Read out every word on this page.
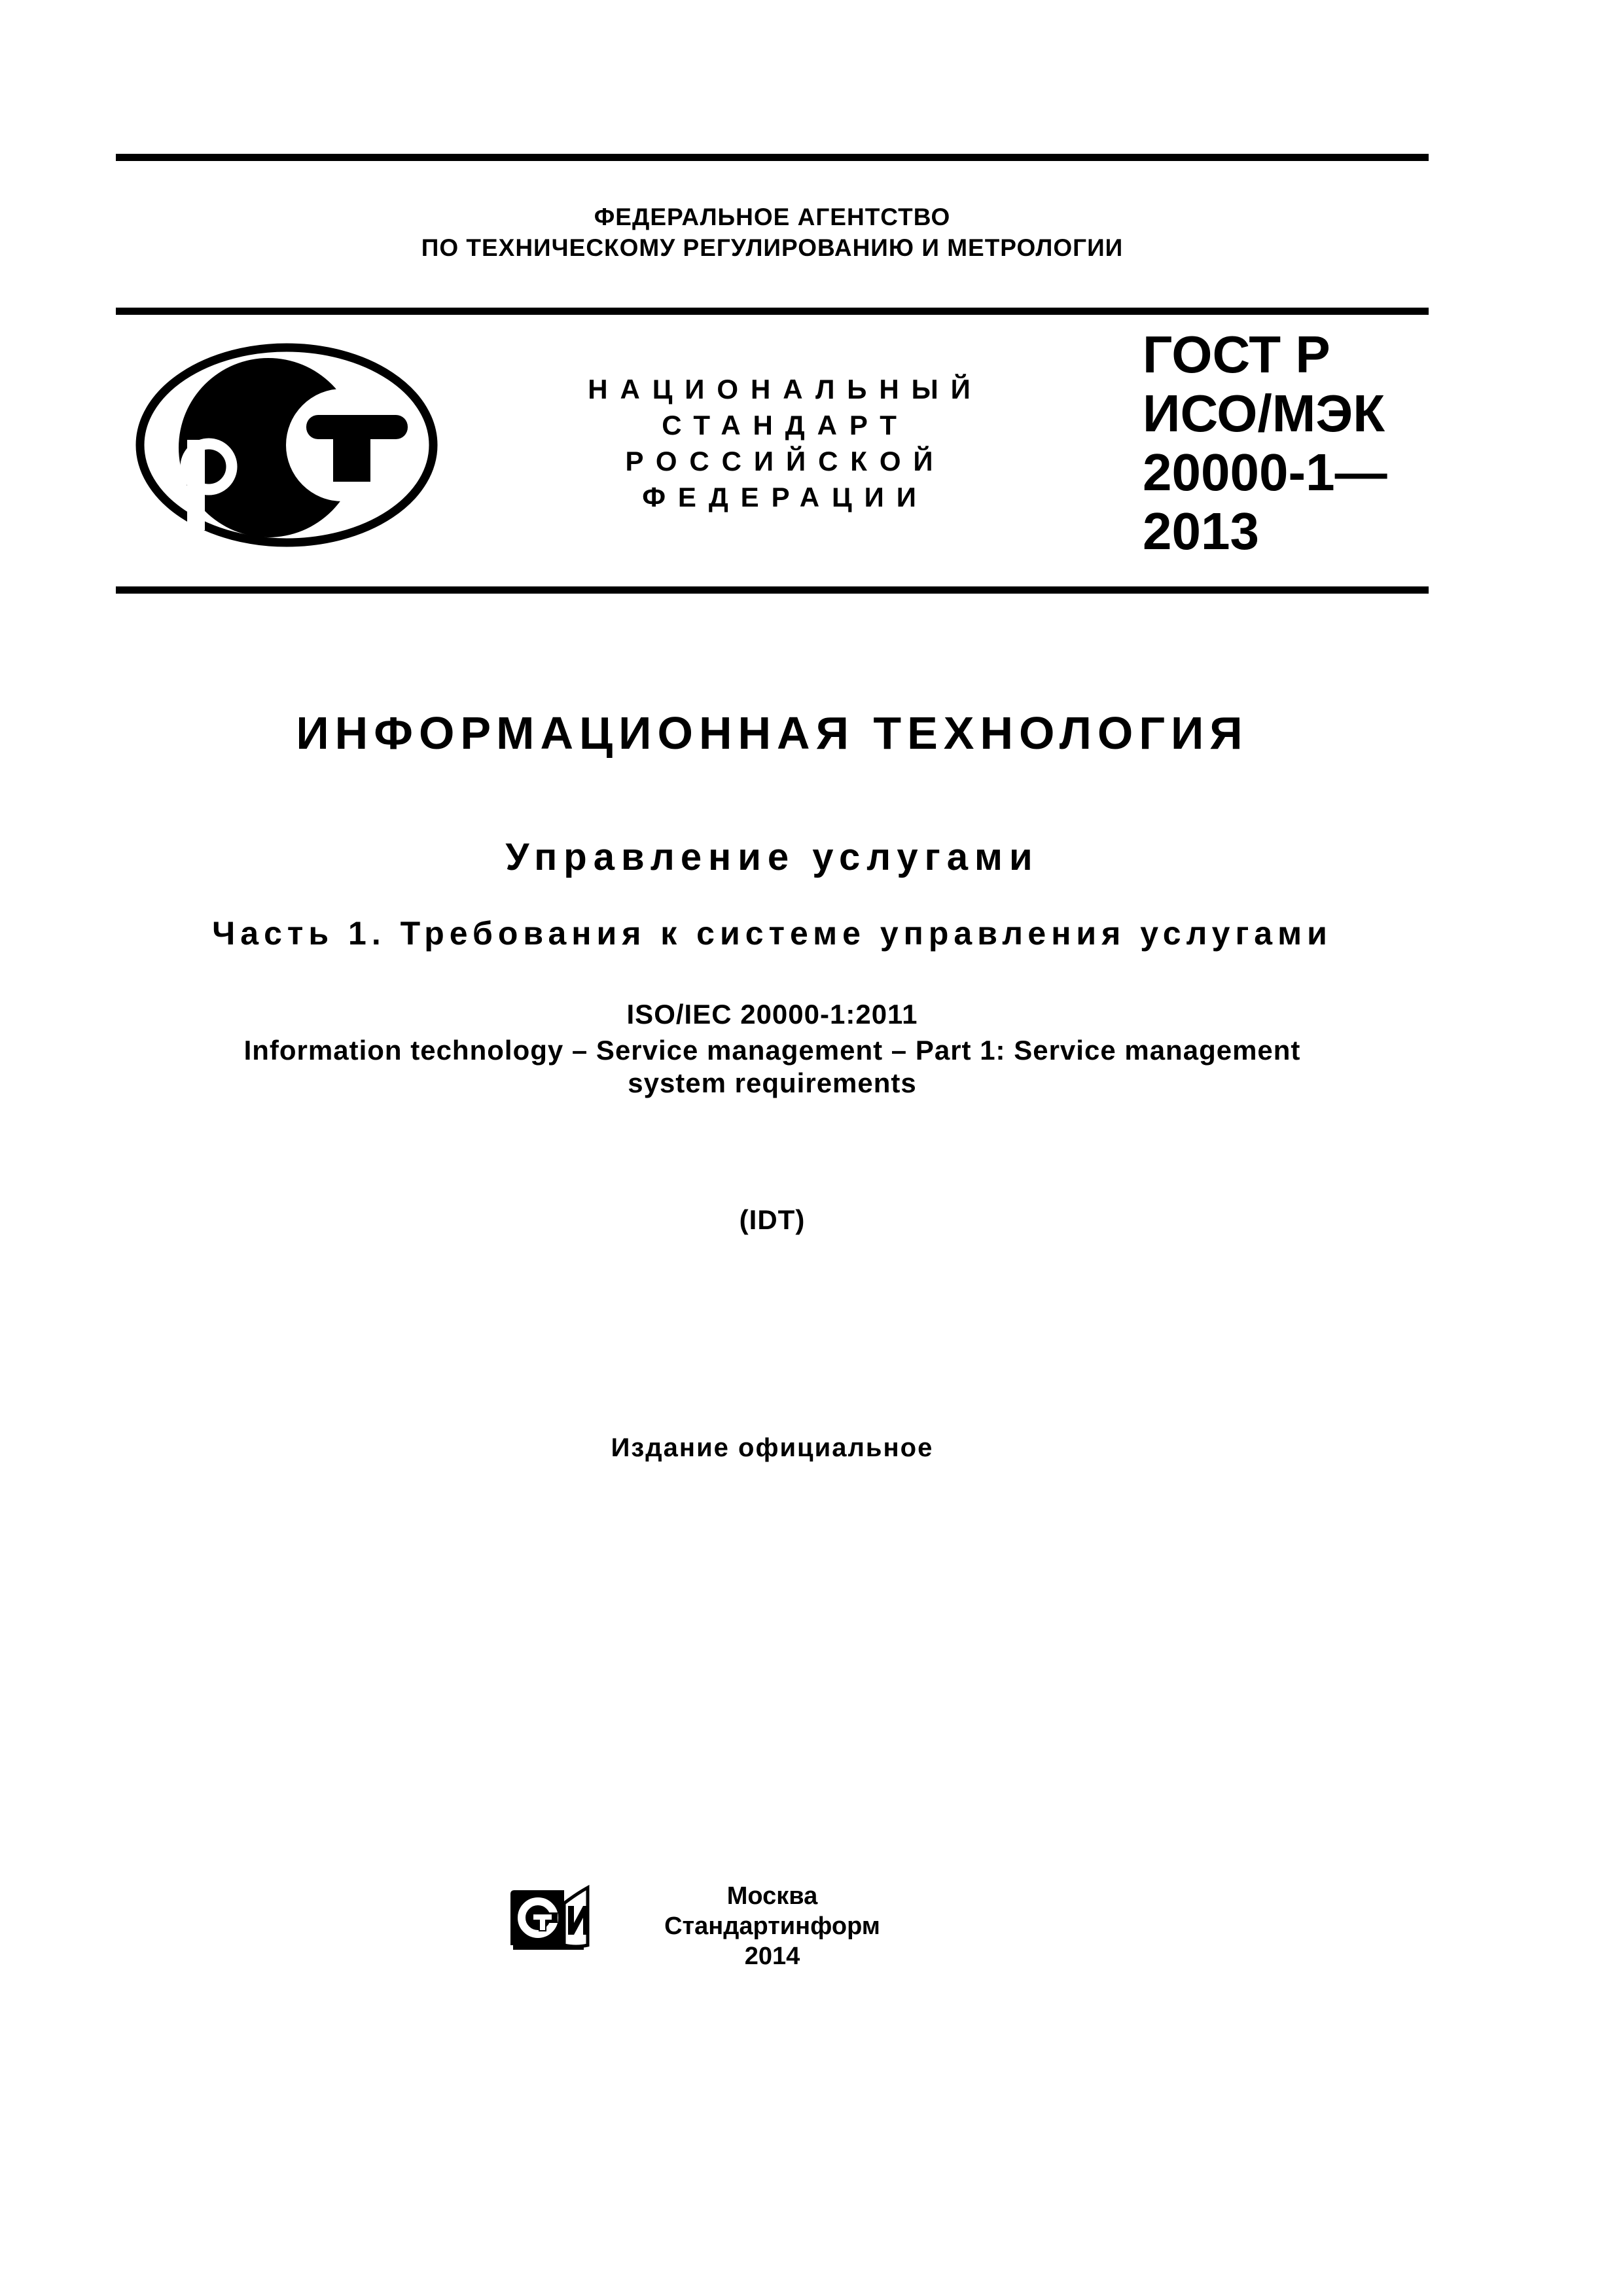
ФЕДЕРАЛЬНОЕ АГЕНТСТВО
ПО ТЕХНИЧЕСКОМУ РЕГУЛИРОВАНИЮ И МЕТРОЛОГИИ
НАЦИОНАЛЬНЫЙ
СТАНДАРТ
РОССИЙСКОЙ
ФЕДЕРАЦИИ
ГОСТ Р
ИСО/МЭК
20000-1—
2013
ИНФОРМАЦИОННАЯ ТЕХНОЛОГИЯ
Управление услугами
Часть 1. Требования к системе управления услугами
ISO/IEC 20000-1:2011
Information technology – Service management – Part 1: Service management
system requirements
(IDT)
Издание официальное
Москва
Стандартинформ
2014
